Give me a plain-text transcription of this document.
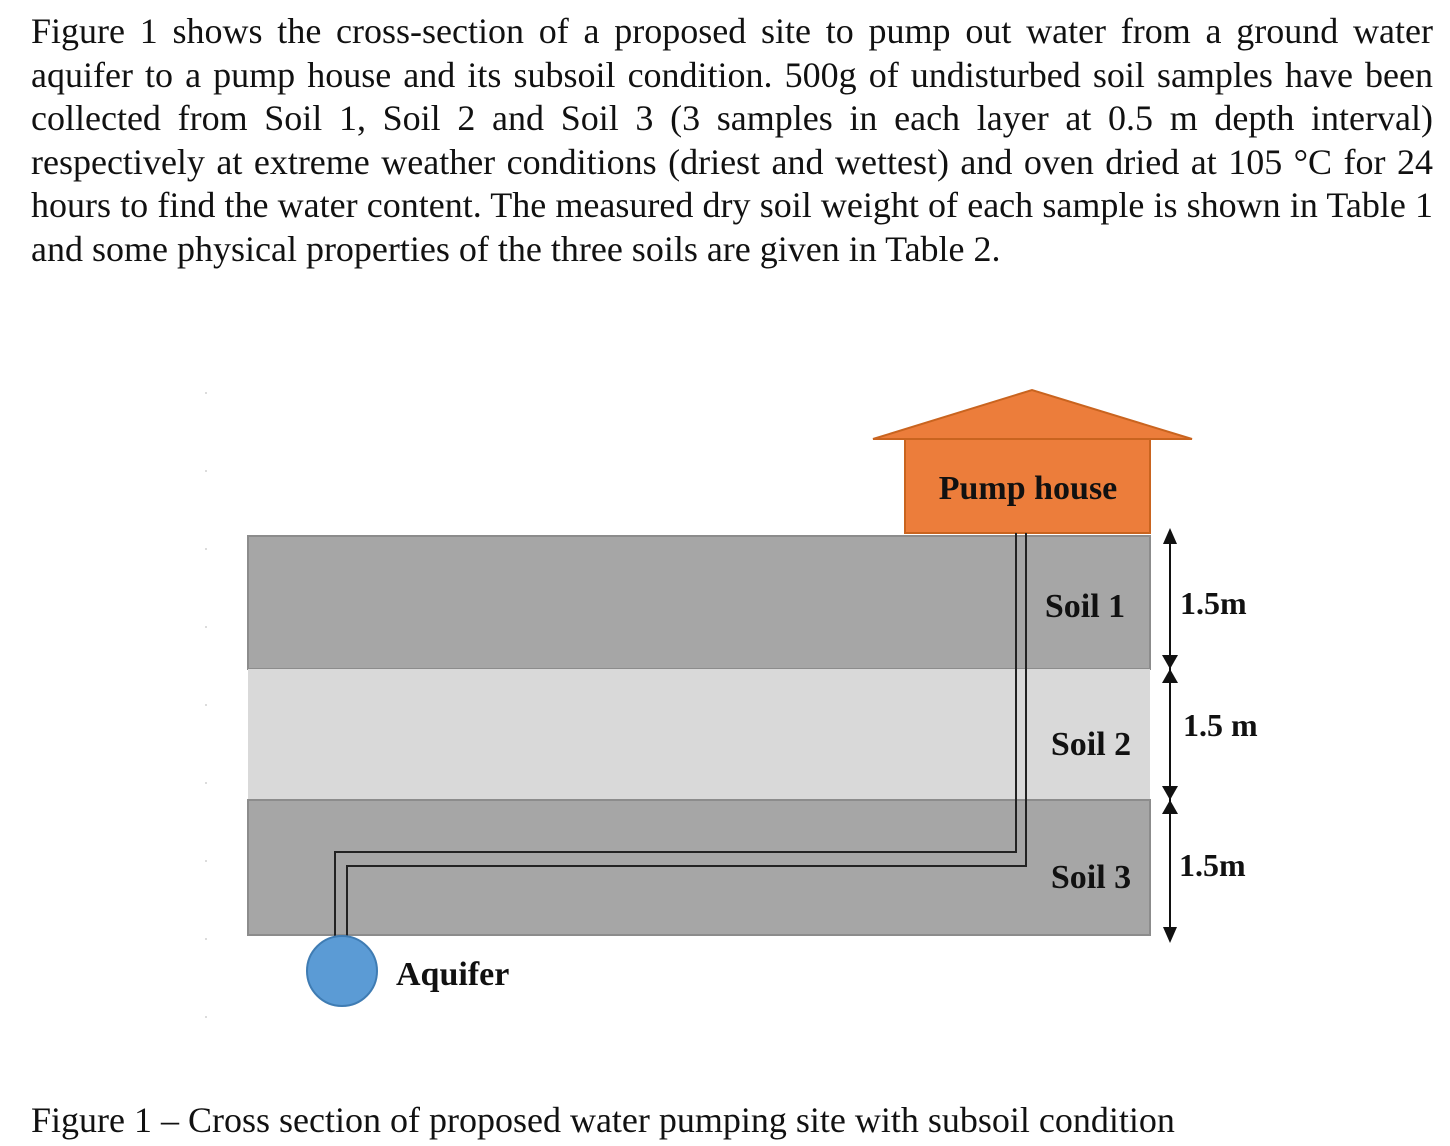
Figure 1 shows the cross-section of a proposed site to pump out water from a ground water aquifer to a pump house and its subsoil condition. 500g of undisturbed soil samples have been collected from Soil 1, Soil 2 and Soil 3 (3 samples in each layer at 0.5 m depth interval) respectively at extreme weather conditions (driest and wettest) and oven dried at 105 °C for 24 hours to find the water content. The measured dry soil weight of each sample is shown in Table 1 and some physical properties of the three soils are given in Table 2.

Pump house
Aquifer
Soil 1
Soil 2
Soil 3
1.5m
1.5 m
1.5m

Figure 1 – Cross section of proposed water pumping site with subsoil condition
